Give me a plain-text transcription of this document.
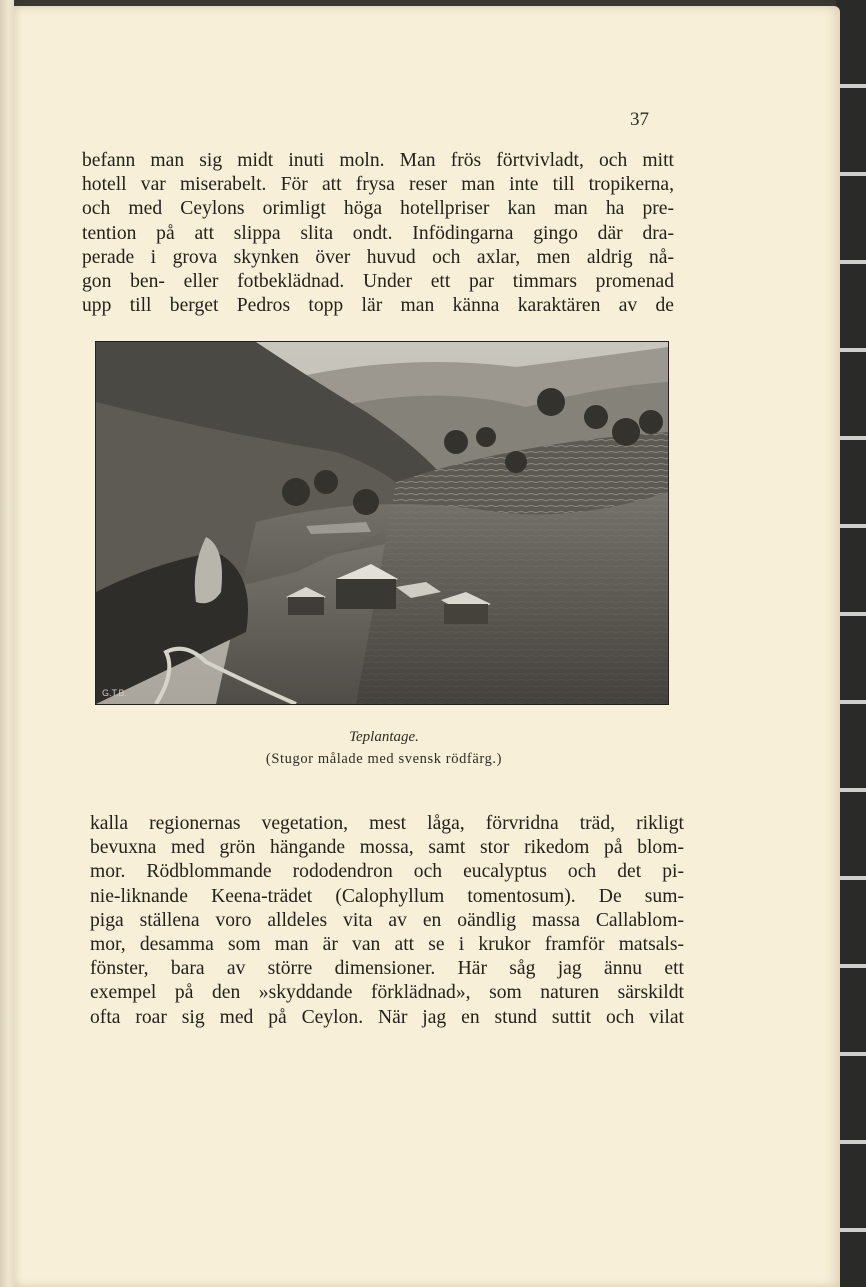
37
befann man sig midt inuti moln. Man frös förtvivladt, och mitt
hotell var miserabelt. För att frysa reser man inte till tropikerna,
och med Ceylons orimligt höga hotellpriser kan man ha pre-
tention på att slippa slita ondt. Infödingarna gingo där dra-
perade i grova skynken över huvud och axlar, men aldrig nå-
gon ben- eller fotbeklädnad. Under ett par timmars promenad
upp till berget Pedros topp lär man känna karaktären av de
G.T.B.
Teplantage.
(Stugor målade med svensk rödfärg.)
kalla regionernas vegetation, mest låga, förvridna träd, rikligt
bevuxna med grön hängande mossa, samt stor rikedom på blom-
mor. Rödblommande rododendron och eucalyptus och det pi-
nie-liknande Keena-trädet (Calophyllum tomentosum). De sum-
piga ställena voro alldeles vita av en oändlig massa Callablom-
mor, desamma som man är van att se i krukor framför matsals-
fönster, bara av större dimensioner. Här såg jag ännu ett
exempel på den »skyddande förklädnad», som naturen särskildt
ofta roar sig med på Ceylon. När jag en stund suttit och vilat
